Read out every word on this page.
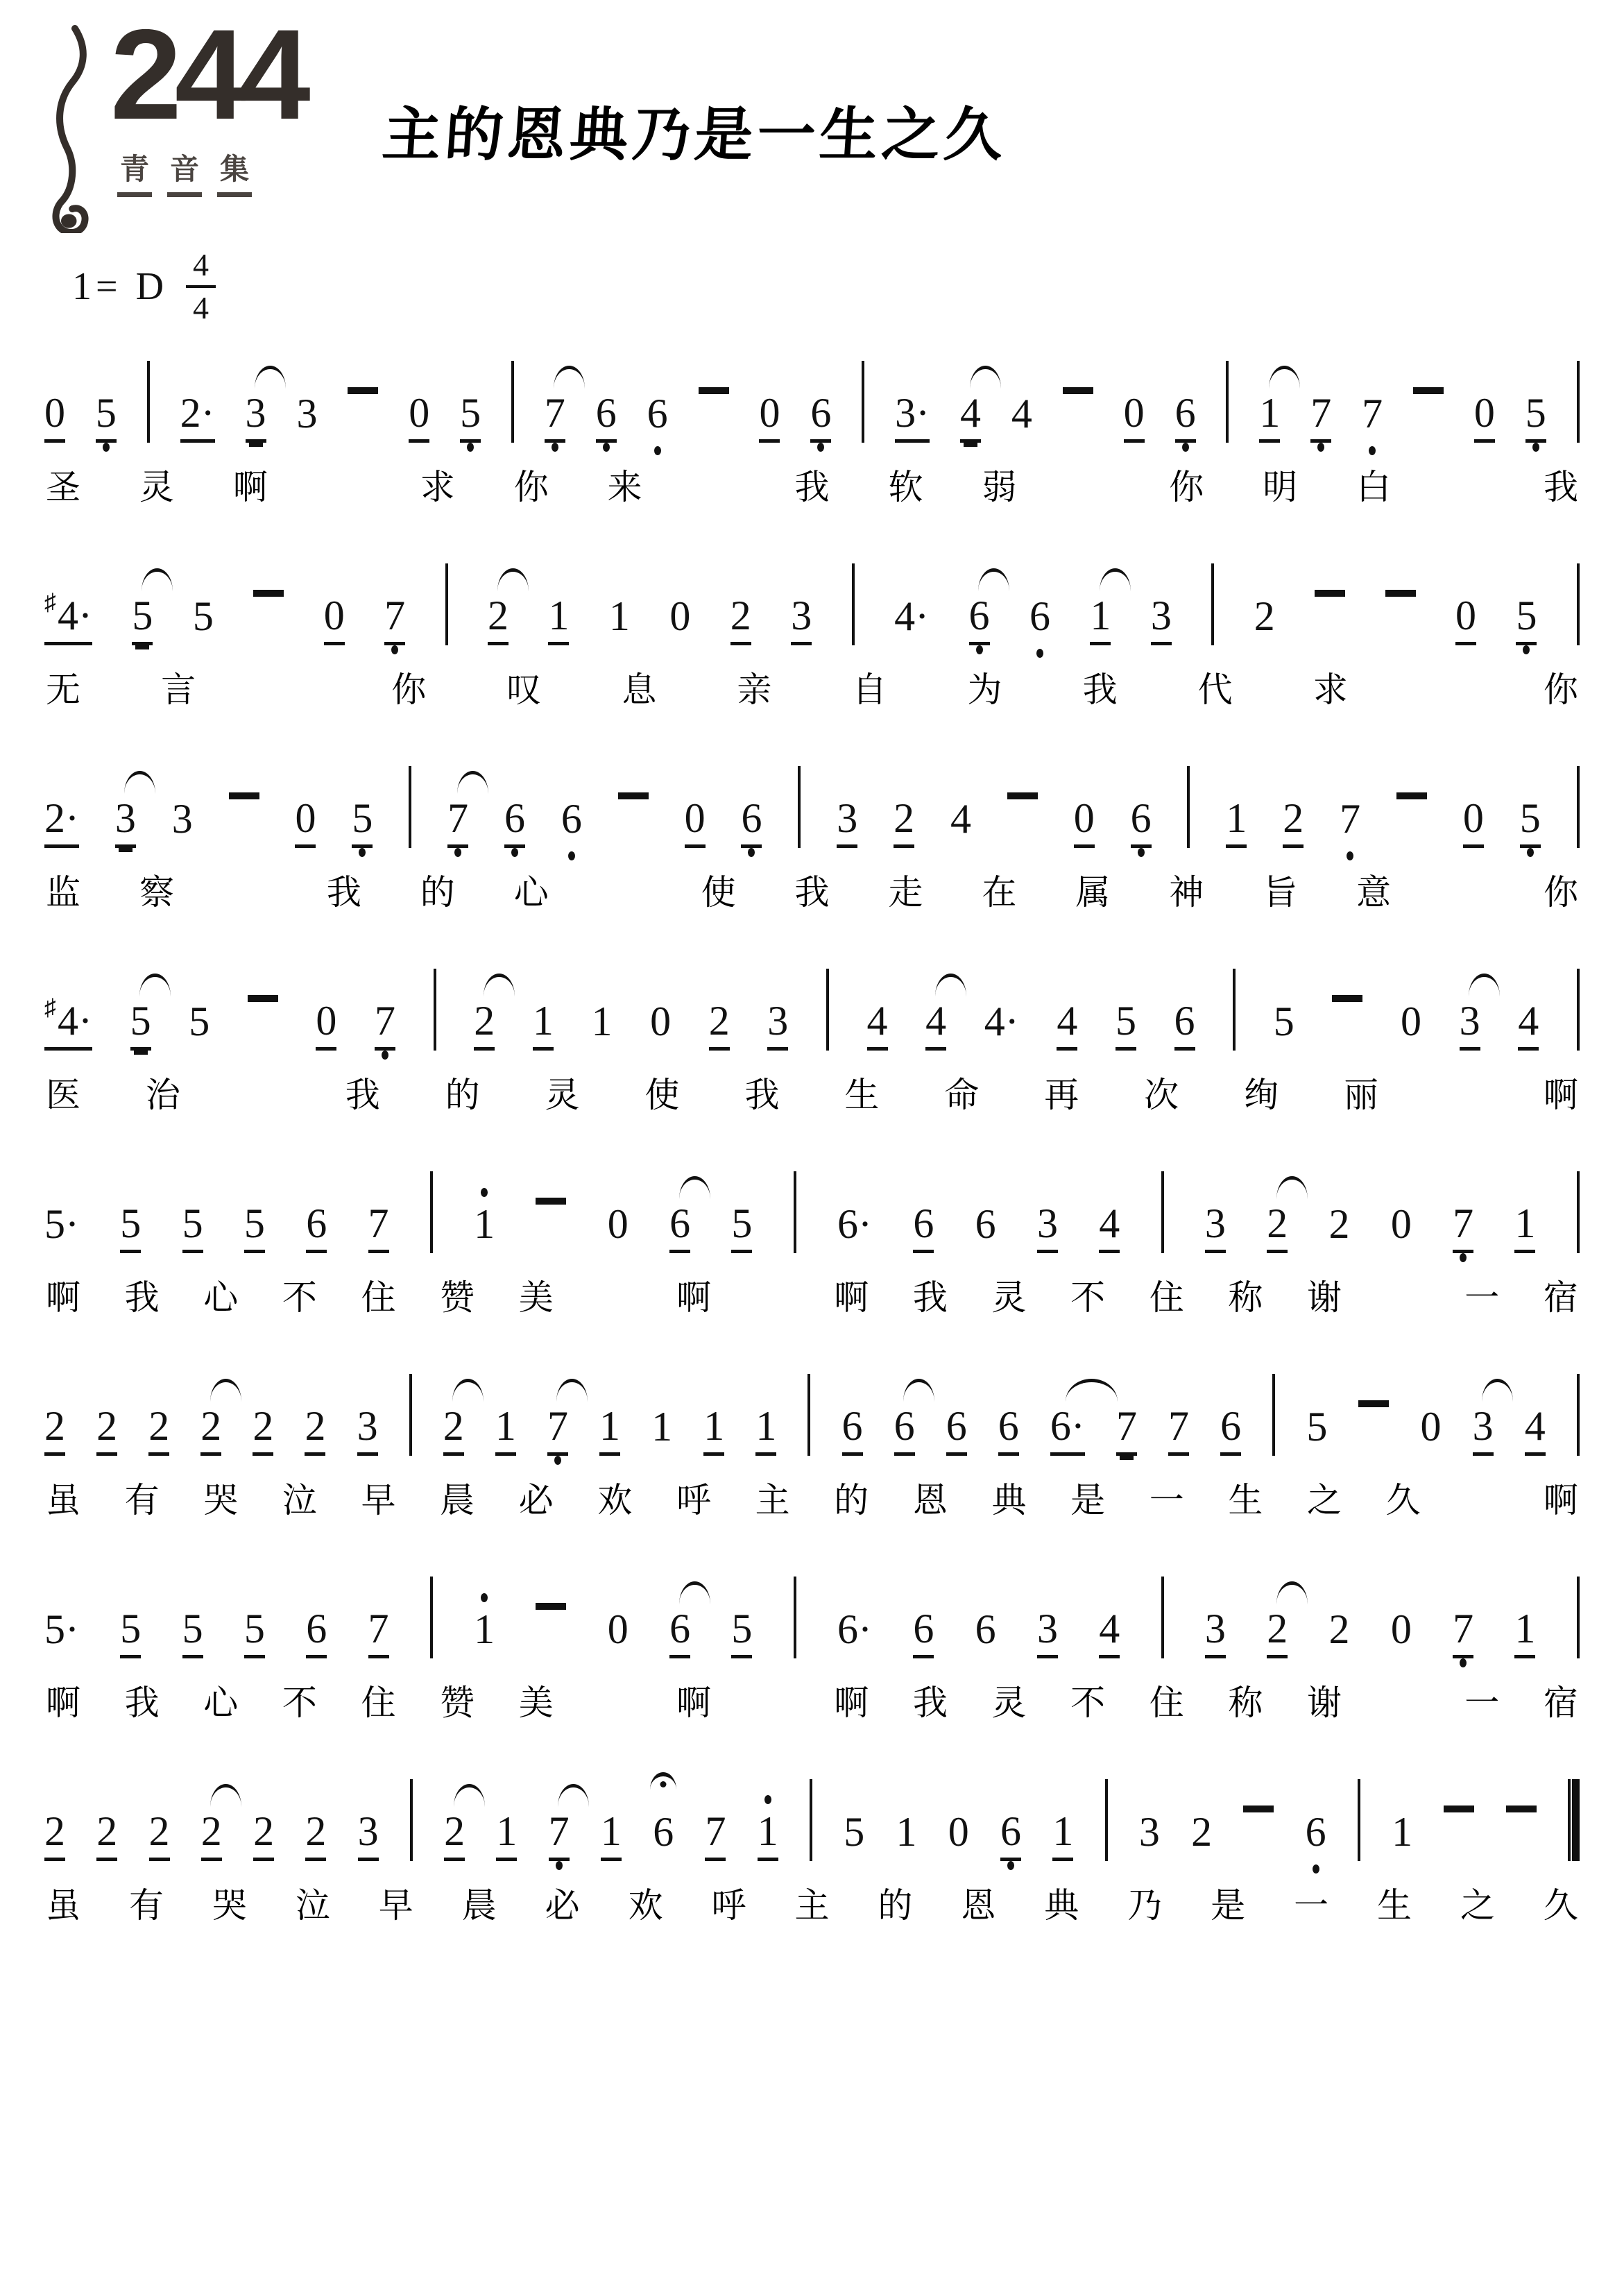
244
青 音 集
主的恩典乃是一生之久
1= D $\frac{4}{4}$
0 5 2· 3 3 0 5 7 6 6 0 6 3· 4 4 0 6 1 7 7 0 5
圣 灵 啊	求 你 来	我 软 弱	你 明 白	我
♯4· 5 5	0 7 2 1 1 0 2 3 4· 6 6 1 3 2	0 5
无 言	你 叹 息 亲 自 为 我 代 求	你
2· 3 3 0 5 7 6 6 0 6 3 2 4 0 6 1 2 7 0 5
监 察	我 的 心	使 我 走 在 属 神 旨 意	你
♯4· 5 5	0 7 2 1 1 0 2 3 4 4 4· 4 5 6 5	0 3 4
医 治	我 的 灵 使 我 生 命 再 次 绚 丽	啊
5· 5 5 5 6 7 1	0 6 5 6· 6 6 3 4 3 2 2 0 7 1
啊 我 心 不 住 赞 美	啊	啊 我 灵 不 住 称 谢	一 宿
2 2 2 2 2 2 3 2 1 7 1 1 1 1 6 6 6 6 6· 7 7 6 5 0 3 4
虽 有 哭 泣 早 晨 必 欢 呼 主 的 恩 典 是 一 生 之 久	啊
5· 5 5 5 6 7 1	0 6 5 6· 6 6 3 4 3 2 2 0 7 1
啊 我 心 不 住 赞 美	啊	啊 我 灵 不 住 称 谢	一 宿
2 2 2 2 2 2 3 2 1 7 1 6 7 1 5 1 0 6 1 3 2 6 1
虽 有 哭 泣 早 晨 必 欢 呼 主 的 恩 典 乃 是 一 生 之 久
